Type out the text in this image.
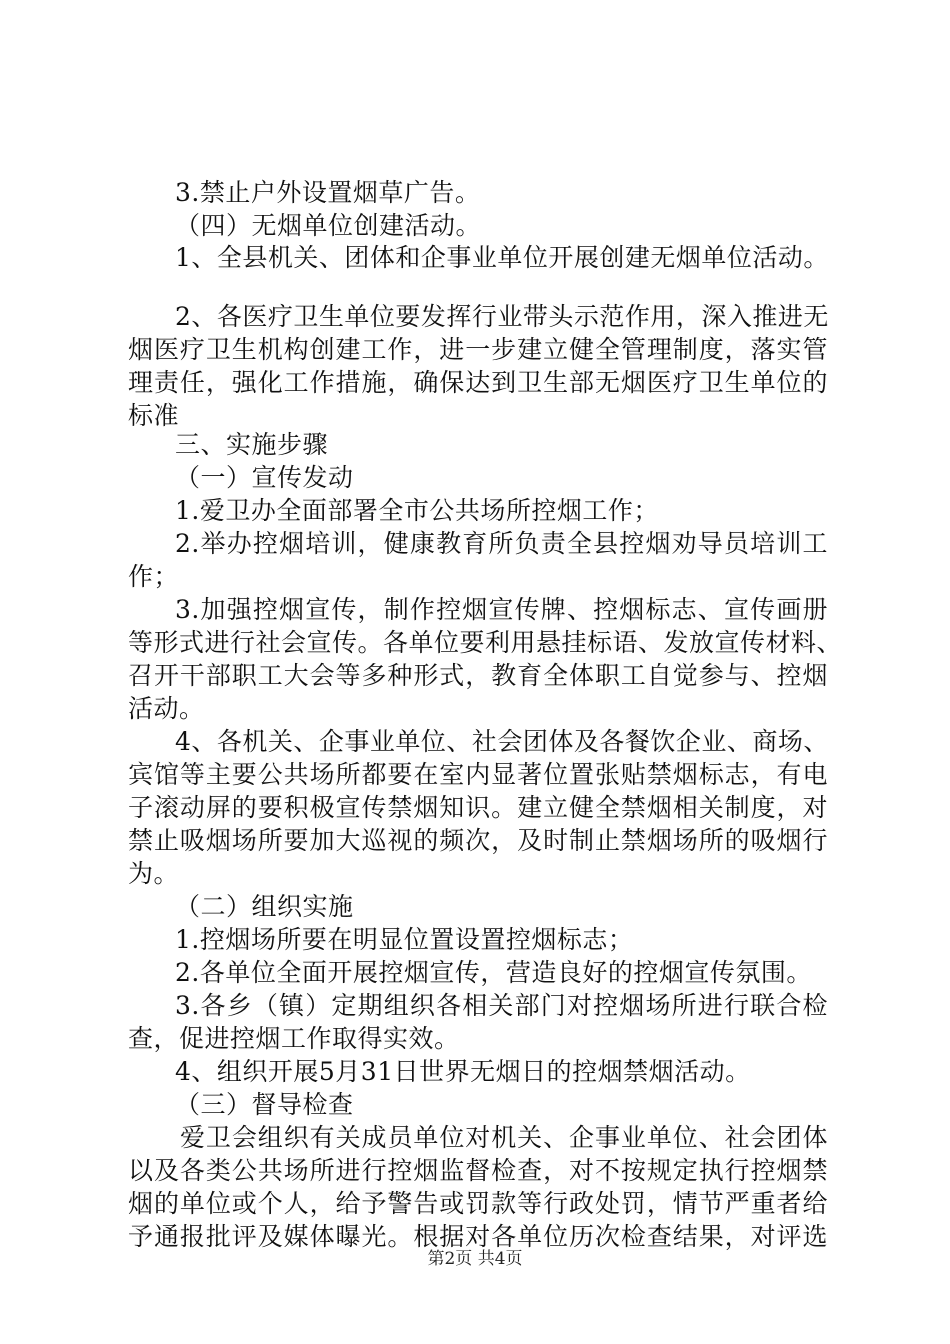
3.禁止户外设置烟草广告。

（四）无烟单位创建活动。

1、全县机关、团体和企事业单位开展创建无烟单位活动。

2、各医疗卫生单位要发挥行业带头示范作用，深入推进无

烟医疗卫生机构创建工作，进一步建立健全管理制度，落实管

理责任，强化工作措施，确保达到卫生部无烟医疗卫生单位的

标准

三、实施步骤

（一）宣传发动

1.爱卫办全面部署全市公共场所控烟工作；

2.举办控烟培训，健康教育所负责全县控烟劝导员培训工

作；

3.加强控烟宣传，制作控烟宣传牌、控烟标志、宣传画册

等形式进行社会宣传。各单位要利用悬挂标语、发放宣传材料、

召开干部职工大会等多种形式，教育全体职工自觉参与、控烟

活动。

4、各机关、企事业单位、社会团体及各餐饮企业、商场、

宾馆等主要公共场所都要在室内显著位置张贴禁烟标志，有电

子滚动屏的要积极宣传禁烟知识。建立健全禁烟相关制度，对

禁止吸烟场所要加大巡视的频次，及时制止禁烟场所的吸烟行

为。

（二）组织实施

1.控烟场所要在明显位置设置控烟标志；

2.各单位全面开展控烟宣传，营造良好的控烟宣传氛围。

3.各乡（镇）定期组织各相关部门对控烟场所进行联合检

查，促进控烟工作取得实效。

4、组织开展5月31日世界无烟日的控烟禁烟活动。

（三）督导检查

爱卫会组织有关成员单位对机关、企事业单位、社会团体

以及各类公共场所进行控烟监督检查，对不按规定执行控烟禁

烟的单位或个人，给予警告或罚款等行政处罚，情节严重者给

予通报批评及媒体曝光。根据对各单位历次检查结果，对评选

第2页 共4页
